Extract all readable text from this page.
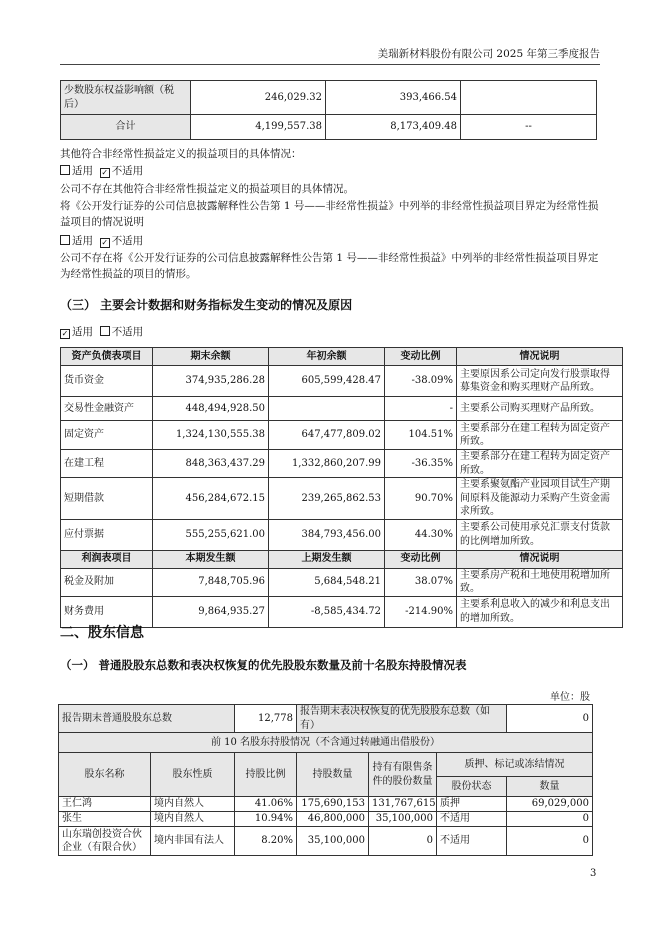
美瑞新材料股份有限公司 2025 年第三季度报告
少数股东权益影响额（税后）	246,029.32	393,466.54	
合计	4,199,557.38	8,173,409.48	--
其他符合非经常性损益定义的损益项目的具体情况：
适用 ✓ 不适用
公司不存在其他符合非经常性损益定义的损益项目的具体情况。
将《公开发行证券的公司信息披露解释性公告第 1 号——非经常性损益》中列举的非经常性损益项目界定为经常性损益项目的情况说明
适用 ✓ 不适用
公司不存在将《公开发行证券的公司信息披露解释性公告第 1 号——非经常性损益》中列举的非经常性损益项目界定为经常性损益的项目的情形。
（三） 主要会计数据和财务指标发生变动的情况及原因
✓ 适用 不适用
资产负债表项目	期末余额	年初余额	变动比例	情况说明
货币资金	374,935,286.28	605,599,428.47	-38.09%	主要原因系公司定向发行股票取得募集资金和购买理财产品所致。
交易性金融资产	448,494,928.50		-	主要系公司购买理财产品所致。
固定资产	1,324,130,555.38	647,477,809.02	104.51%	主要系部分在建工程转为固定资产所致。
在建工程	848,363,437.29	1,332,860,207.99	-36.35%	主要系部分在建工程转为固定资产所致。
短期借款	456,284,672.15	239,265,862.53	90.70%	主要系聚氨酯产业园项目试生产期间原料及能源动力采购产生资金需求所致。
应付票据	555,255,621.00	384,793,456.00	44.30%	主要系公司使用承兑汇票支付货款的比例增加所致。
利润表项目	本期发生额	上期发生额	变动比例	情况说明
税金及附加	7,848,705.96	5,684,548.21	38.07%	主要系房产税和土地使用税增加所致。
财务费用	9,864,935.27	-8,585,434.72	-214.90%	主要系利息收入的减少和利息支出的增加所致。
二、股东信息
（一） 普通股股东总数和表决权恢复的优先股股东数量及前十名股东持股情况表
单位：股
报告期末普通股股东总数		12,778	报告期末表决权恢复的优先股股东总数（如有）			0
前 10 名股东持股情况（不含通过转融通出借股份）						
股东名称	股东性质	持股比例	持股数量	持有有限售条件的股份数量	质押、标记或冻结情况	
					股份状态	数量
王仁鸿	境内自然人	41.06%	175,690,153	131,767,615	质押	69,029,000
张生	境内自然人	10.94%	46,800,000	35,100,000	不适用	0
山东瑞创投资合伙企业（有限合伙）	境内非国有法人	8.20%	35,100,000	0	不适用	0
3
